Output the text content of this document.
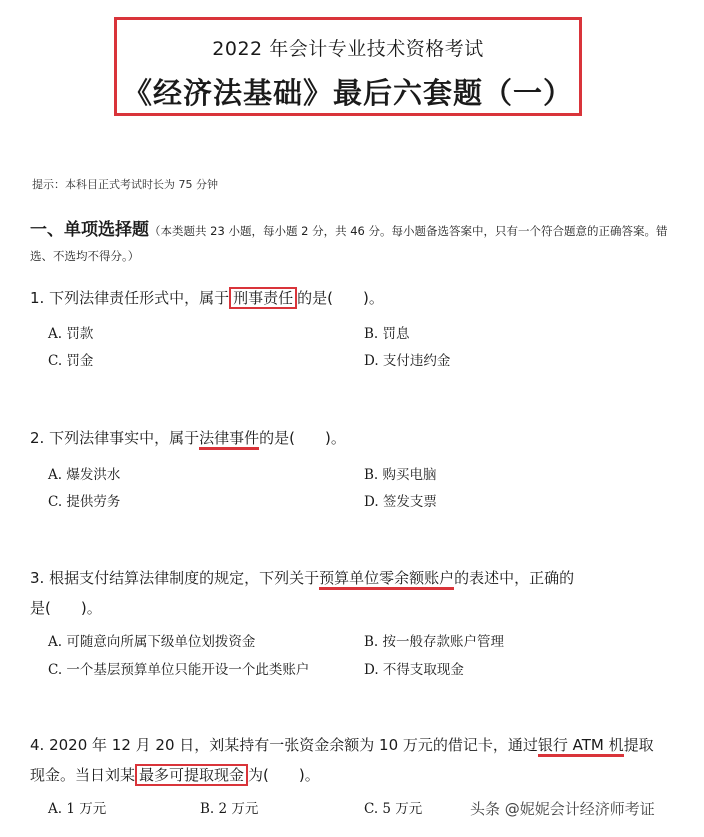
2022 年会计专业技术资格考试
《经济法基础》最后六套题（一）
提示：本科目正式考试时长为 75 分钟
一、单项选择题（本类题共 23 小题，每小题 2 分，共 46 分。每小题备选答案中，只有一个符合题意的正确答案。错选、不选均不得分。）
1. 下列法律责任形式中，属于 刑事责任 的是(　　)。
A. 罚款	B. 罚息
C. 罚金	D. 支付违约金
2. 下列法律事实中，属于法律事件的是(　　)。
A. 爆发洪水	B. 购买电脑
C. 提供劳务	D. 签发支票
3. 根据支付结算法律制度的规定，下列关于预算单位零余额账户的表述中，正确的
是(　　)。
A. 可随意向所属下级单位划拨资金	B. 按一般存款账户管理
C. 一个基层预算单位只能开设一个此类账户	D. 不得支取现金
4. 2020 年 12 月 20 日，刘某持有一张资金余额为 10 万元的借记卡，通过银行 ATM 机提取
现金。当日刘某 最多可提取现金 为(　　)。
A. 1 万元	B. 2 万元	C. 5 万元	头条 @妮妮会计经济师考证
